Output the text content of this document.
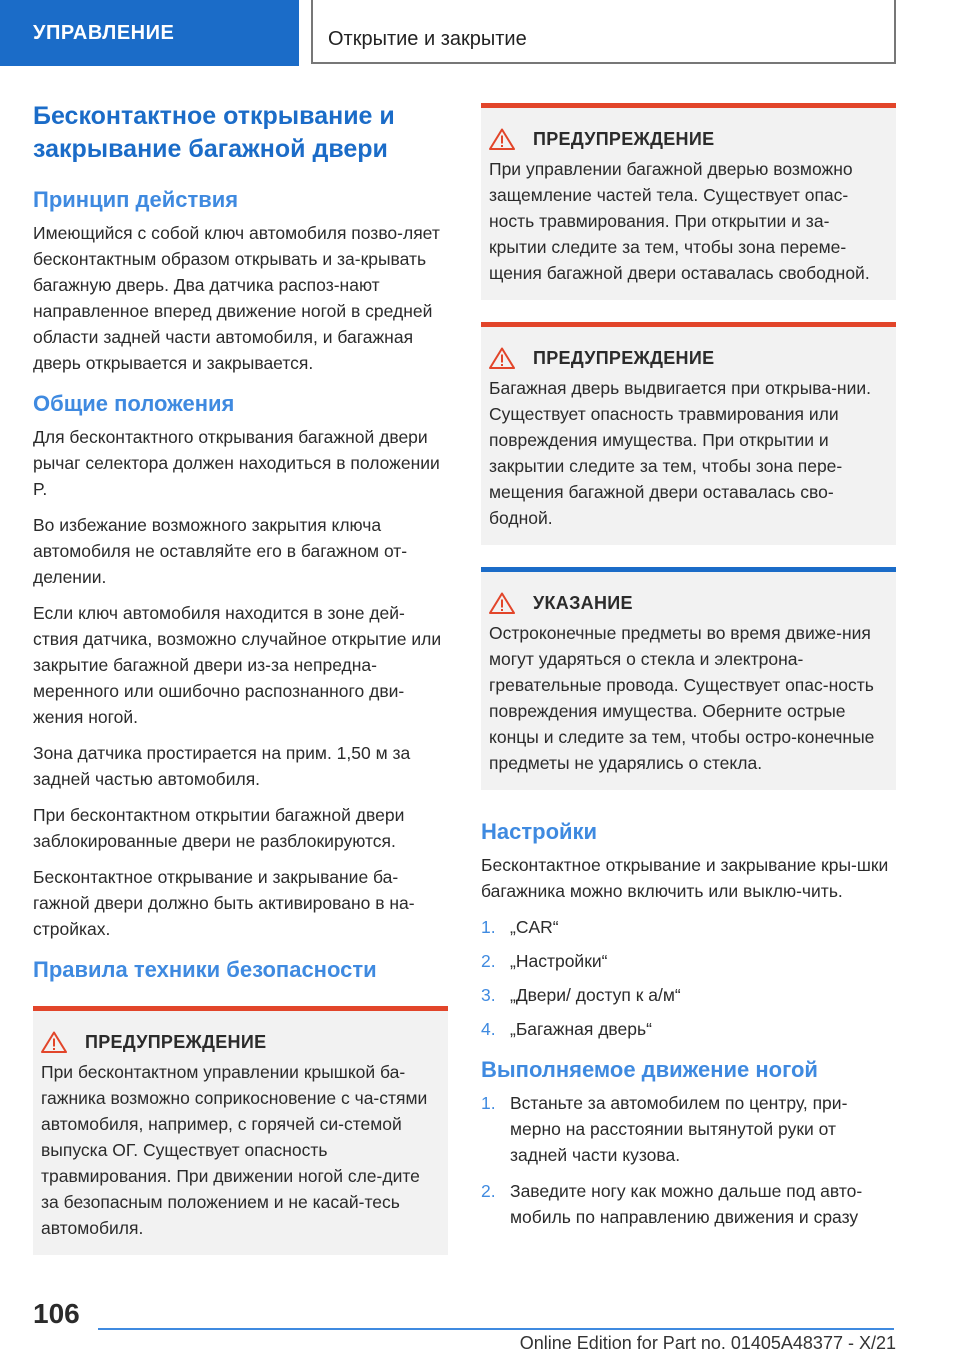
УПРАВЛЕНИЕ	Открытие и закрытие
Бесконтактное открывание и закрывание багажной двери
Принцип действия

Имеющийся с собой ключ автомобиля позво‐ляет бесконтактным образом открывать и за‐крывать багажную дверь. Два датчика распоз‐нают направленное вперед движение ногой в средней области задней части автомобиля, и багажная дверь открывается и закрывается.

Общие положения

Для бесконтактного открывания багажной двери рычаг селектора должен находиться в положении P.

Во избежание возможного закрытия ключа автомобиля не оставляйте его в багажном от‐делении.

Если ключ автомобиля находится в зоне дей‐ствия датчика, возможно случайное открытие или закрытие багажной двери из-за непредна‐меренного или ошибочно распознанного дви‐жения ногой.

Зона датчика простирается на прим. 1,50 м за задней частью автомобиля.

При бесконтактном открытии багажной двери заблокированные двери не разблокируются.

Бесконтактное открывание и закрывание ба‐гажной двери должно быть активировано в на‐стройках.

Правила техники безопасности
ПРЕДУПРЕЖДЕНИЕ

При бесконтактном управлении крышкой ба‐гажника возможно соприкосновение с ча‐стями автомобиля, например, с горячей си‐стемой выпуска ОГ. Существует опасность травмирования. При движении ногой сле‐дите за безопасным положением и не касай‐тесь автомобиля.

ПРЕДУПРЕЖДЕНИЕ

При управлении багажной дверью возможно защемление частей тела. Существует опас‐ность травмирования. При открытии и за‐крытии следите за тем, чтобы зона переме‐щения багажной двери оставалась свободной.

ПРЕДУПРЕЖДЕНИЕ

Багажная дверь выдвигается при открыва‐нии. Существует опасность травмирования или повреждения имущества. При открытии и закрытии следите за тем, чтобы зона пере‐мещения багажной двери оставалась сво‐бодной.

УКАЗАНИЕ

Остроконечные предметы во время движе‐ния могут ударяться о стекла и электрона‐гревательные провода. Существует опас‐ность повреждения имущества. Оберните острые концы и следите за тем, чтобы остро‐конечные предметы не ударялись о стекла.

Настройки

Бесконтактное открывание и закрывание кры‐шки багажника можно включить или выклю‐чить.

1. „CAR“
2. „Настройки“
3. „Двери/ доступ к а/м“
4. „Багажная дверь“
Выполняемое движение ногой
1. Встаньте за автомобилем по центру, при‐мерно на расстоянии вытянутой руки от задней части кузова.
2. Заведите ногу как можно дальше под авто‐мобиль по направлению движения и сразу
106
Online Edition for Part no. 01405A48377 - X/21
